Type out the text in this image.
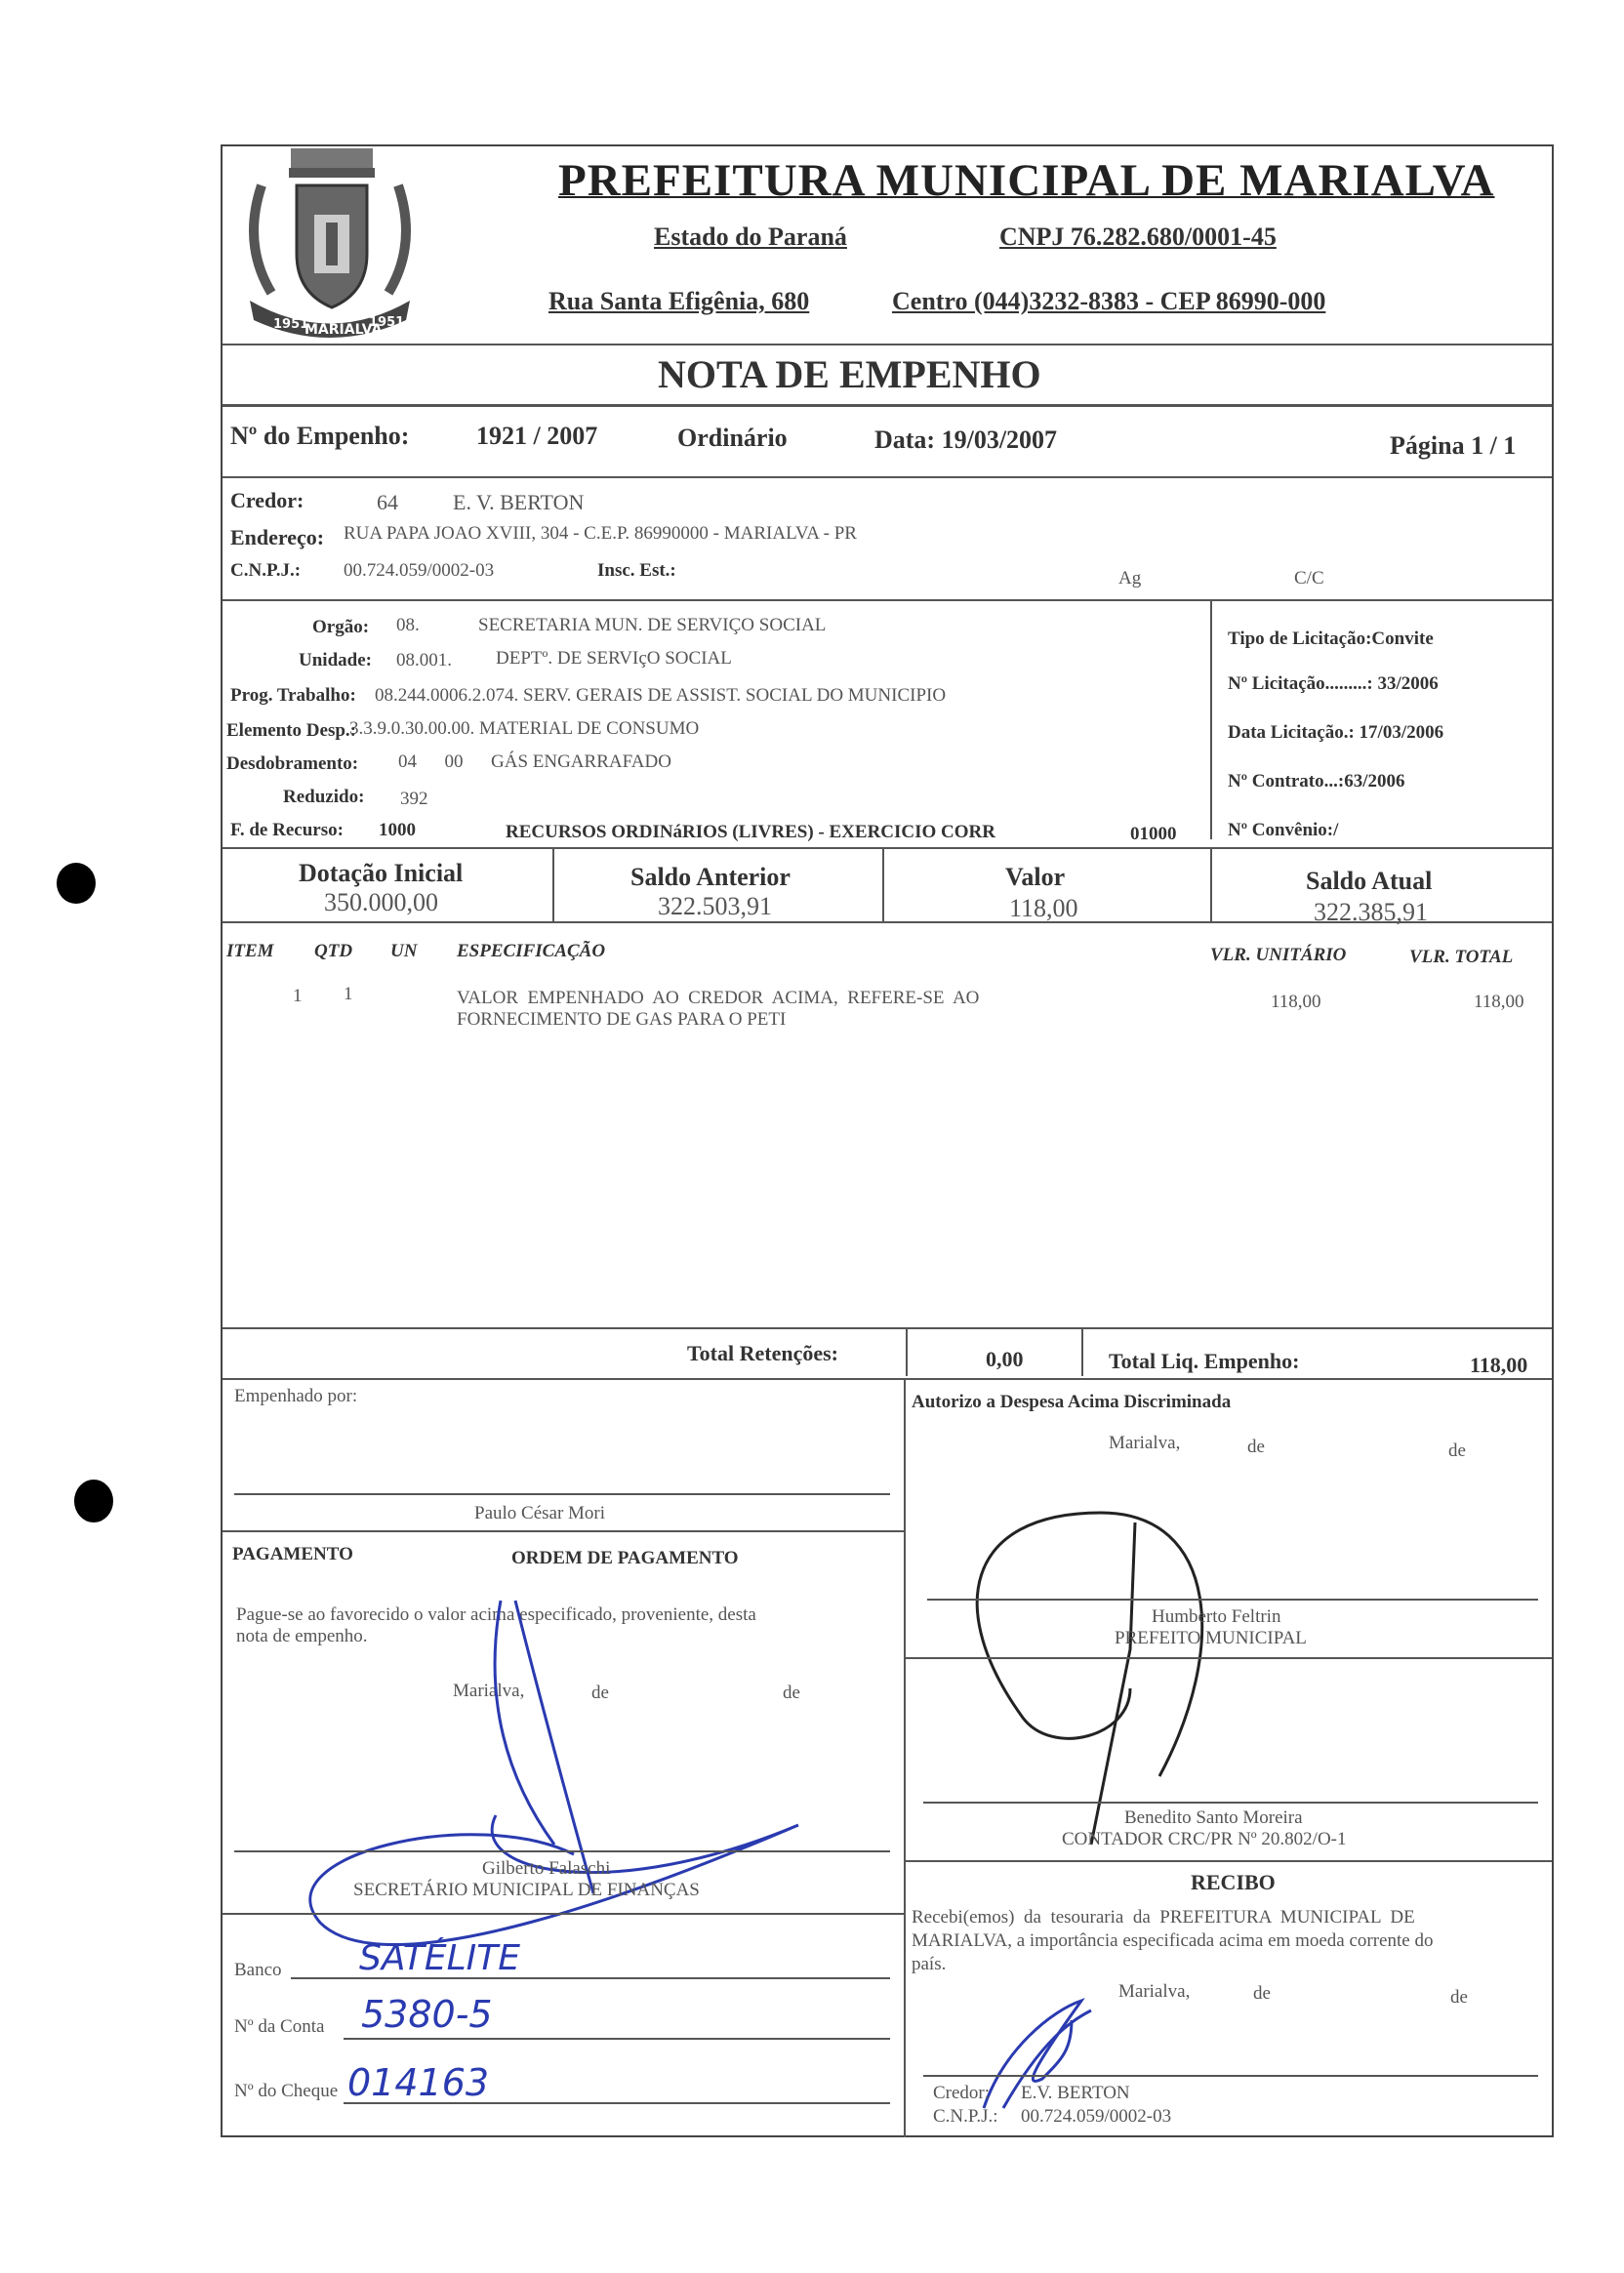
1951
MARIALVA
1951
PREFEITURA MUNICIPAL DE MARIALVA
Estado do Paraná	CNPJ 76.282.680/0001-45
Rua Santa Efigênia, 680	Centro (044)3232-8383 - CEP 86990-000
NOTA DE EMPENHO
Nº do Empenho:	1921 / 2007	Ordinário	Data: 19/03/2007	Página 1 / 1
Credor:	64	E. V. BERTON
Endereço: RUA PAPA JOAO XVIII, 304 - C.E.P. 86990000 - MARIALVA - PR
C.N.P.J.: 00.724.059/0002-03	Insc. Est.:	Ag	C/C
Orgão: 08.	SECRETARIA MUN. DE SERVIÇO SOCIAL
Unidade: 08.001. DEPTº. DE SERVIçO SOCIAL
Prog. Trabalho: 08.244.0006.2.074. SERV. GERAIS DE ASSIST. SOCIAL DO MUNICIPIO
Elemento Desp.:
3.3.9.0.30.00.00. MATERIAL DE CONSUMO
Desdobramento: 04      00      GÁS ENGARRAFADO
Reduzido: 392
F. de Recurso: 1000	RECURSOS ORDINáRIOS (LIVRES) - EXERCICIO CORR	01000
Tipo de Licitação:Convite
Nº Licitação.........: 33/2006
Data Licitação.: 17/03/2006
Nº Contrato...:63/2006
Nº Convênio:/
Dotação Inicial
350.000,00
Saldo Anterior
322.503,91
Valor
118,00
Saldo Atual
322.385,91
ITEM QTD UN ESPECIFICAÇÃO	VLR. UNITÁRIO	VLR. TOTAL
1 1	VALOR  EMPENHADO  AO  CREDOR  ACIMA,  REFERE-SE  AO
FORNECIMENTO DE GAS PARA O PETI
118,00	118,00
Total Retenções:	0,00	Total Liq. Empenho:	118,00
Empenhado por:
Paulo César Mori
PAGAMENTO	ORDEM DE PAGAMENTO
Pague-se ao favorecido o valor acima especificado, proveniente, desta
nota de empenho.
Marialva,	de	de
Gilberto Falaschi
SECRETÁRIO MUNICIPAL DE FINANÇAS
Banco SATÉLITE
Nº da Conta 5380-5
Nº do Cheque 014163
Autorizo a Despesa Acima Discriminada
Marialva,	de	de
Humberto Feltrin
PREFEITO MUNICIPAL
Benedito Santo Moreira
CONTADOR CRC/PR Nº 20.802/O-1
RECIBO
Recebi(emos)  da  tesouraria  da  PREFEITURA  MUNICIPAL  DE
MARIALVA, a importância especificada acima em moeda corrente do
país.
Marialva,	de	de
Credor: E.V. BERTON
C.N.P.J.: 00.724.059/0002-03
